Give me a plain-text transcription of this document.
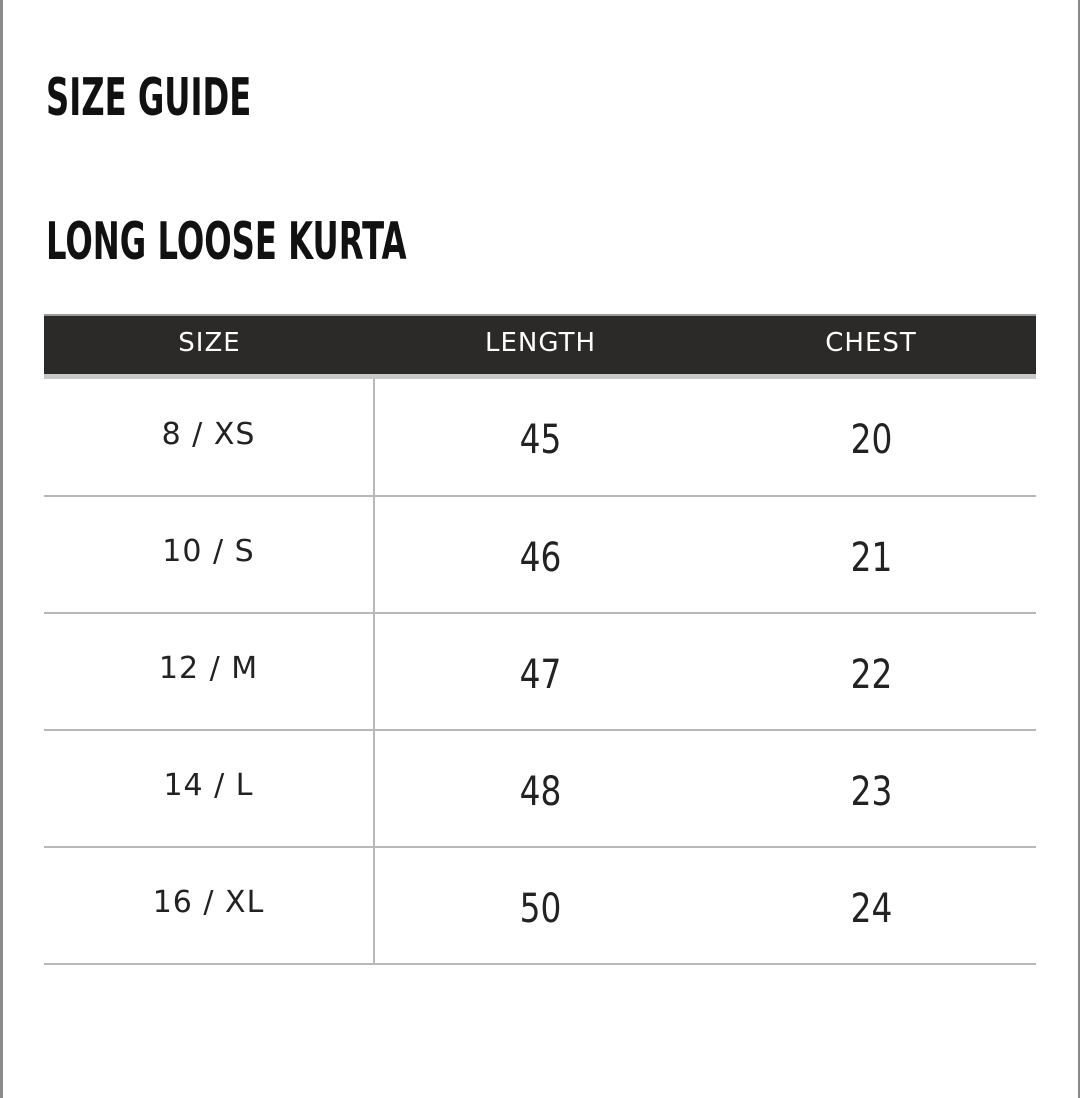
SIZE GUIDE
LONG LOOSE KURTA
SIZE	LENGTH	CHEST
8 / XS	45	20
10 / S	46	21
12 / M	47	22
14 / L	48	23
16 / XL	50	24
